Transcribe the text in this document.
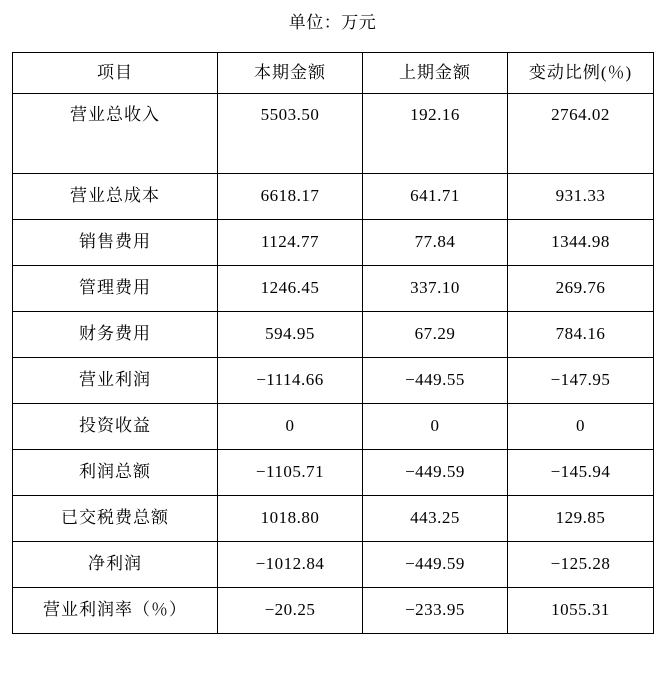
单位：万元
项目	本期金额	上期金额	变动比例(％)
营业总收入	5503.50	192.16	2764.02
营业总成本	6618.17	641.71	931.33
销售费用	1124.77	77.84	1344.98
管理费用	1246.45	337.10	269.76
财务费用	594.95	67.29	784.16
营业利润	−1114.66	−449.55	−147.95
投资收益	0	0	0
利润总额	−1105.71	−449.59	−145.94
已交税费总额	1018.80	443.25	129.85
净利润	−1012.84	−449.59	−125.28
营业利润率（％）	−20.25	−233.95	1055.31
